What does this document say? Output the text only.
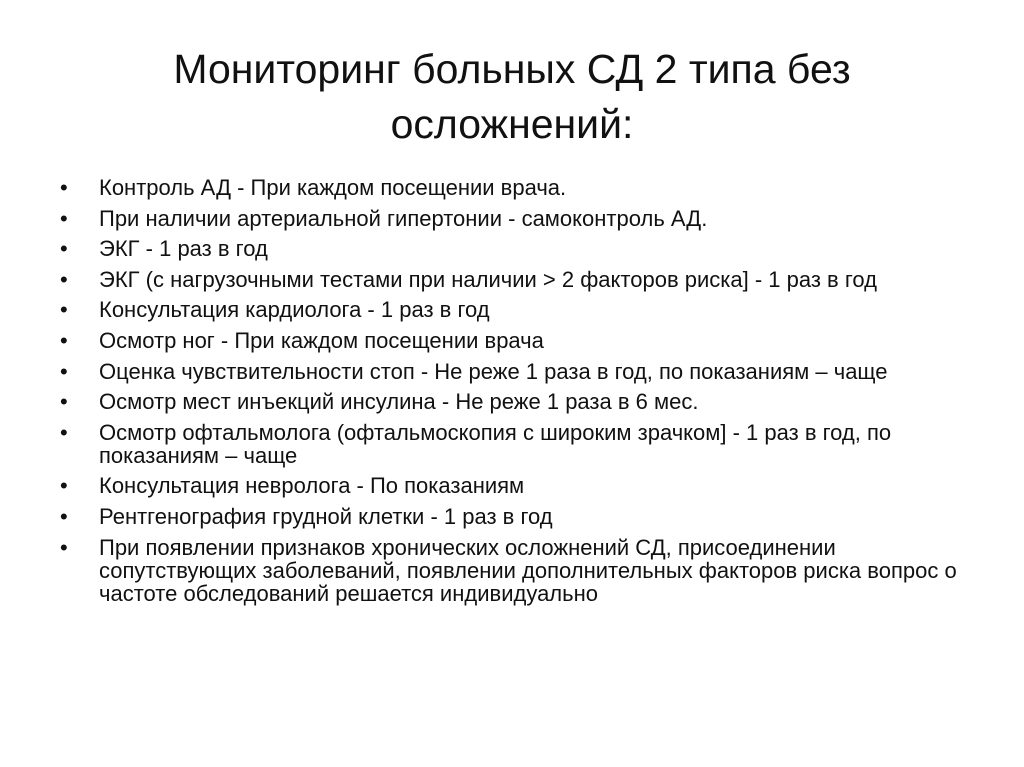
Мониторинг больных СД 2 типа без
осложнений:
•	Контроль АД - При каждом посещении врача.
•	При наличии артериальной гипертонии - самоконтроль АД.
•	ЭКГ - 1 раз в год
•	ЭКГ (с нагрузочными тестами при наличии > 2 факторов риска] - 1 раз в год
•	Консультация кардиолога - 1 раз в год
•	Осмотр ног - При каждом посещении врача
•	Оценка чувствительности стоп - Не реже 1 раза в год, по показаниям – чаще
•	Осмотр мест инъекций инсулина - Не реже 1 раза в 6 мес.
•	Осмотр офтальмолога (офтальмоскопия с широким зрачком] - 1 раз в год, по показаниям – чаще
•	Консультация невролога - По показаниям
•	Рентгенография грудной клетки - 1 раз в год
•	При появлении признаков хронических осложнений СД, присоединении сопутствующих заболеваний, появлении дополнительных факторов риска вопрос о частоте обследований решается индивидуально
